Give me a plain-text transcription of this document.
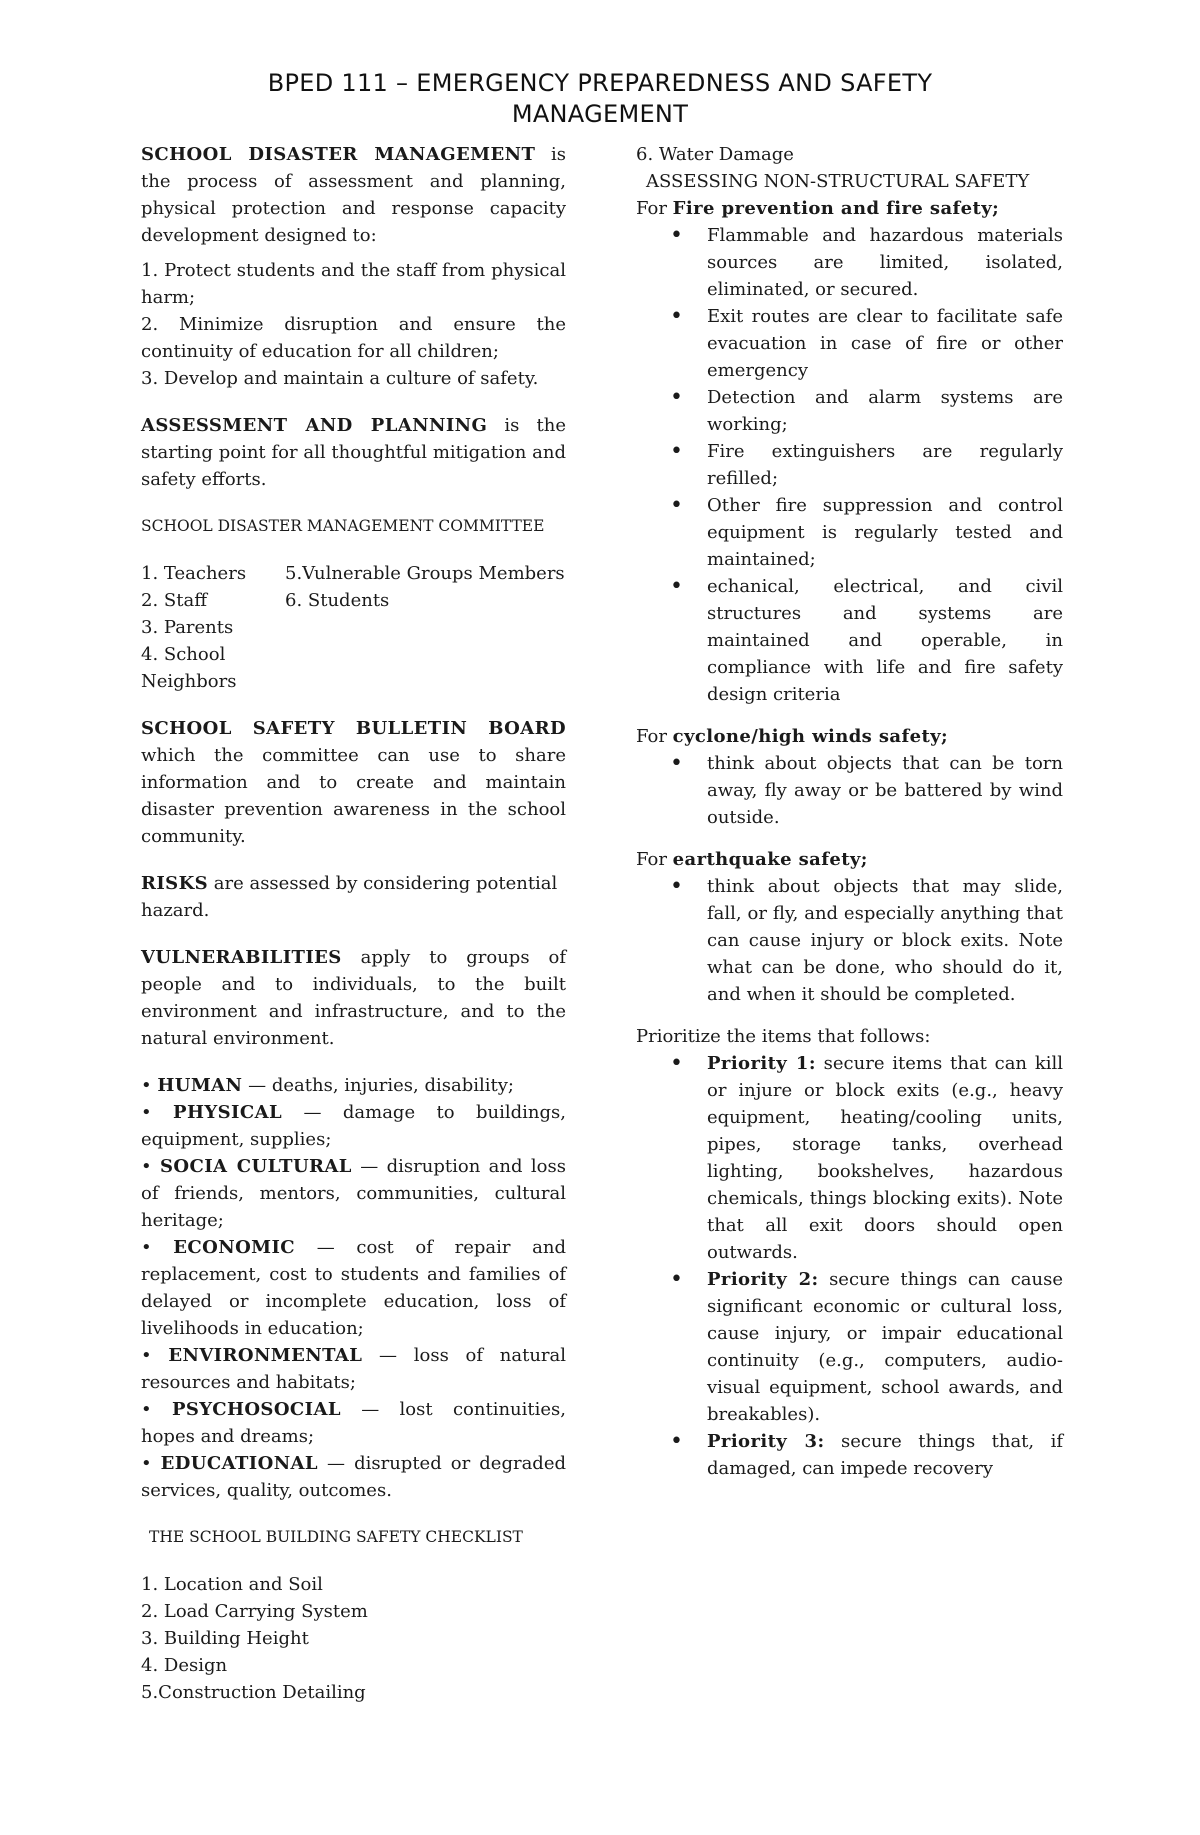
BPED 111 – EMERGENCY PREPAREDNESS AND SAFETY MANAGEMENT

SCHOOL DISASTER MANAGEMENT is the process of assessment and planning, physical protection and response capacity development designed to:

1. Protect students and the staff from physical harm;

2. Minimize disruption and ensure the continuity of education for all children;

3. Develop and maintain a culture of safety.

ASSESSMENT AND PLANNING is the starting point for all thoughtful mitigation and safety efforts.

SCHOOL DISASTER MANAGEMENT COMMITTEE

1. Teachers	5.Vulnerable Groups Members
2. Staff	6. Students
3. Parents
4. School Neighbors

SCHOOL SAFETY BULLETIN BOARD which the committee can use to share information and to create and maintain disaster prevention awareness in the school community.

RISKS are assessed by considering potential hazard.

VULNERABILITIES apply to groups of people and to individuals, to the built environment and infrastructure, and to the natural environment.

• HUMAN — deaths, injuries, disability;

• PHYSICAL — damage to buildings, equipment, supplies;

• SOCIA CULTURAL — disruption and loss of friends, mentors, communities, cultural heritage;

• ECONOMIC — cost of repair and replacement, cost to students and families of delayed or incomplete education, loss of livelihoods in education;

• ENVIRONMENTAL — loss of natural resources and habitats;

• PSYCHOSOCIAL — lost continuities, hopes and dreams;

• EDUCATIONAL — disrupted or degraded services, quality, outcomes.

THE SCHOOL BUILDING SAFETY CHECKLIST

1. Location and Soil

2. Load Carrying System

3. Building Height

4. Design

5.Construction Detailing

6. Water Damage

ASSESSING NON-STRUCTURAL SAFETY

For Fire prevention and fire safety;

• Flammable and hazardous materials sources are limited, isolated, eliminated, or secured.
• Exit routes are clear to facilitate safe evacuation in case of fire or other emergency
• Detection and alarm systems are working;
• Fire extinguishers are regularly refilled;
• Other fire suppression and control equipment is regularly tested and maintained;
• echanical, electrical, and civil structures and systems are maintained and operable, in compliance with life and fire safety design criteria

For cyclone/high winds safety;

• think about objects that can be torn away, fly away or be battered by wind outside.

For earthquake safety;

• think about objects that may slide, fall, or fly, and especially anything that can cause injury or block exits. Note what can be done, who should do it, and when it should be completed.

Prioritize the items that follows:

• Priority 1: secure items that can kill or injure or block exits (e.g., heavy equipment, heating/cooling units, pipes, storage tanks, overhead lighting, bookshelves, hazardous chemicals, things blocking exits). Note that all exit doors should open outwards.
• Priority 2: secure things can cause significant economic or cultural loss, cause injury, or impair educational continuity (e.g., computers, audio-visual equipment, school awards, and breakables).
• Priority 3: secure things that, if damaged, can impede recovery
